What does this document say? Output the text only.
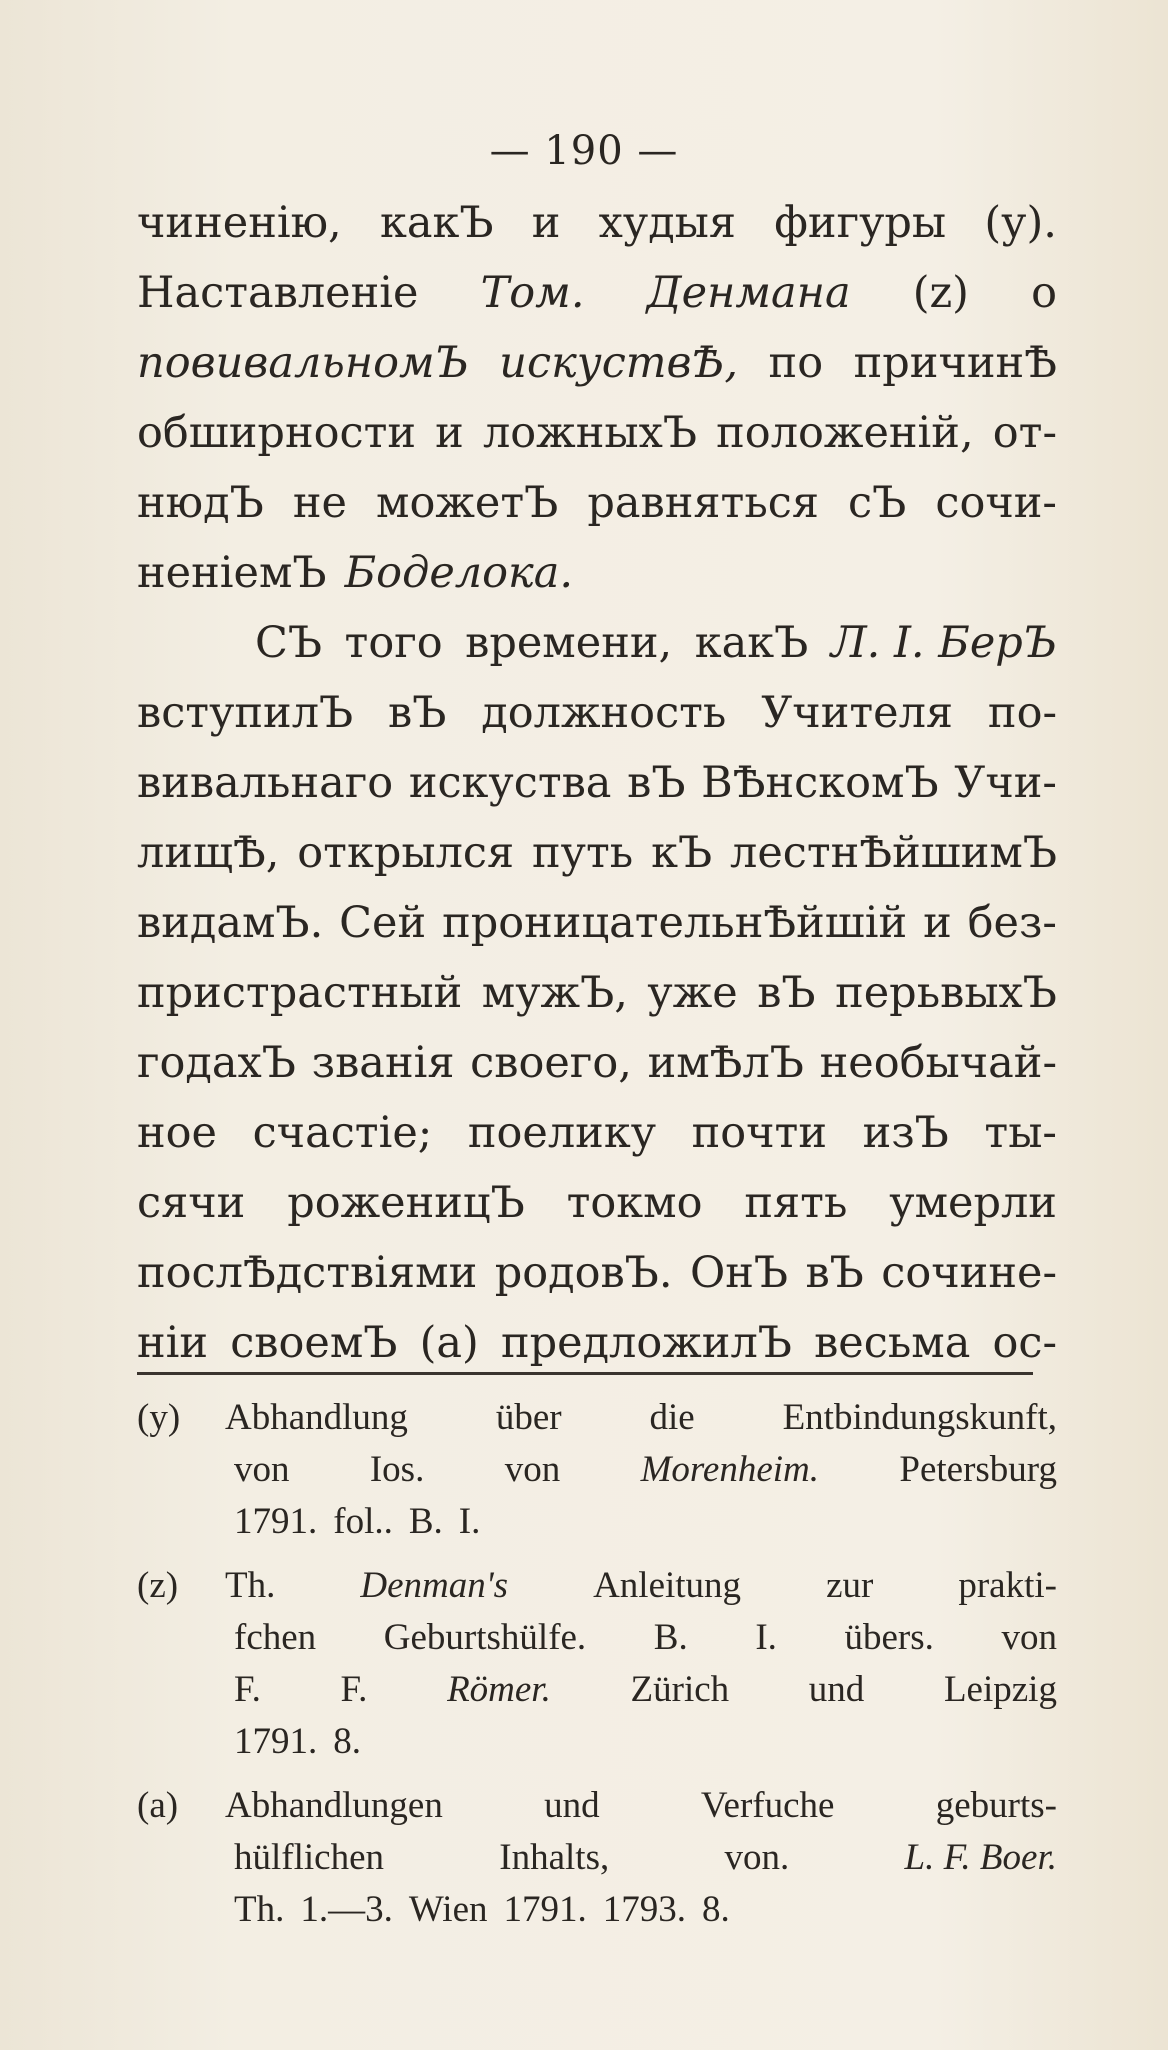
— 190 —
чиненію, какЪ и худыя фигуры (у).
Наставленіе Том. Денмана (z) о
повивальномЪ искуствѢ, по причинѢ
обширности и ложныхЪ положеній, от-
нюдЪ не можетЪ равняться сЪ сочи-
неніемЪ Боделока.
СЪ того времени, какЪ Л. I. БерЪ
вступилЪ вЪ должность Учителя по-
вивальнаго искуства вЪ ВѢнскомЪ Учи-
лищѢ, открылся путь кЪ лестнѢйшимЪ
видамЪ. Сей проницательнѢйшій и без-
пристрастный мужЪ, уже вЪ перьвыхЪ
годахЪ званія своего, имѢлЪ необычай-
ное счастіе; поелику почти изЪ ты-
сячи роженицЪ токмо пять умерли
послѢдствіями родовЪ. ОнЪ вЪ сочине-
ніи своемЪ (а) предложилЪ весьма ос-
(y)	Abhandlung über die Entbindungskunft,
von Ios. von Morenheim. Petersburg
1791. fol.. B. I.
(z)	Th. Denman's Anleitung zur prakti-
fchen Geburtshülfe. B. I. übers. von
F. F. Römer. Zürich und Leipzig
1791. 8.
(a)	Abhandlungen	und	Verfuche	geburts-
hülflichen	Inhalts,	von.	L. F. Boer.
Th. 1.—3. Wien 1791. 1793. 8.
